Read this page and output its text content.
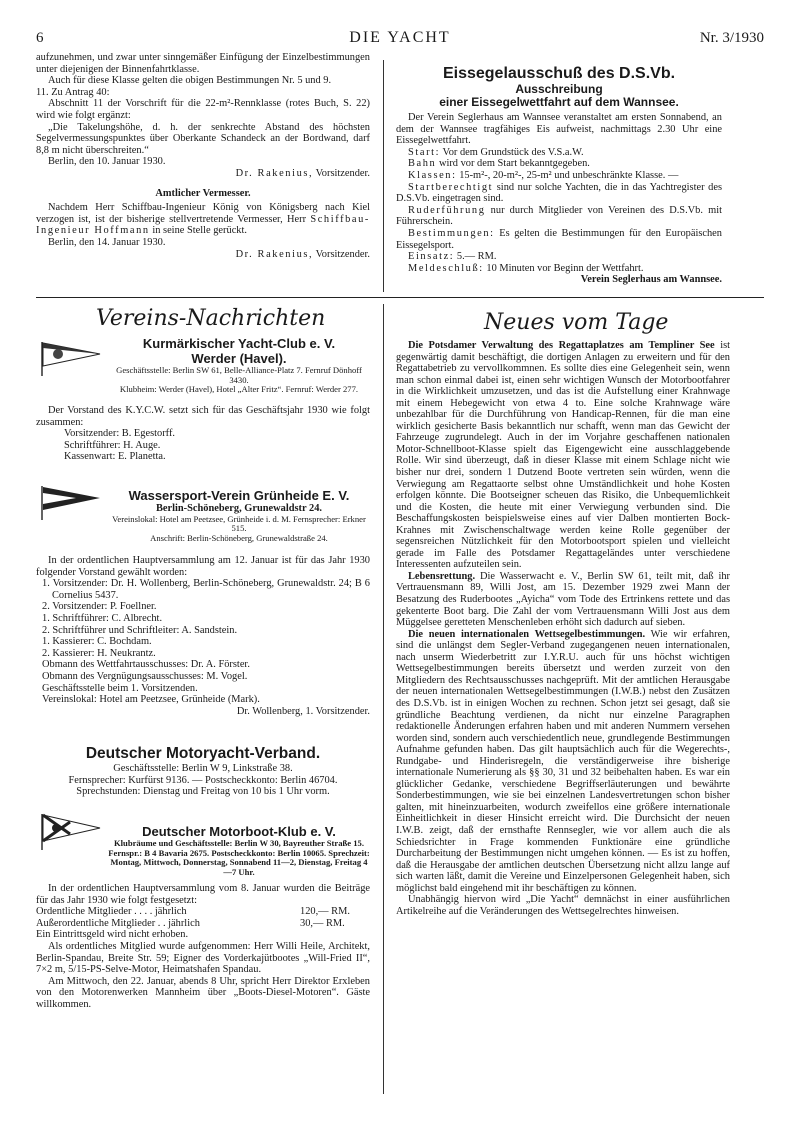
6	DIE YACHT	Nr. 3/1930

aufzunehmen, und zwar unter sinngemäßer Einfügung der Einzelbestimmungen unter diejenigen der Binnenfahrtklasse.

Auch für diese Klasse gelten die obigen Bestimmungen Nr. 5 und 9.

11. Zu Antrag 40:

Abschnitt 11 der Vorschrift für die 22-m²-Rennklasse (rotes Buch, S. 22) wird wie folgt ergänzt:

„Die Takelungshöhe, d. h. der senkrechte Abstand des höchsten Segelvermessungspunktes über Oberkante Schandeck an der Bordwand, darf 8,8 m nicht überschreiten.“

Berlin, den 10. Januar 1930.

Dr. Rakenius, Vorsitzender.

Amtlicher Vermesser.

Nachdem Herr Schiffbau-Ingenieur König von Königsberg nach Kiel verzogen ist, ist der bisherige stellvertretende Vermesser, Herr Schiffbau-Ingenieur Hoffmann in seine Stelle gerückt.

Berlin, den 14. Januar 1930.

Dr. Rakenius, Vorsitzender.

Eissegelausschuß des D.S.Vb.
Ausschreibung
einer Eissegelwettfahrt auf dem Wannsee.

Der Verein Seglerhaus am Wannsee veranstaltet am ersten Sonnabend, an dem der Wannsee tragfähiges Eis aufweist, nachmittags 2.30 Uhr eine Eissegelwettfahrt.

Start: Vor dem Grundstück des V.S.a.W.

Bahn wird vor dem Start bekanntgegeben.

Klassen: 15-m²-, 20-m²-, 25-m² und unbeschränkte Klasse. —

Startberechtigt sind nur solche Yachten, die in das Yachtregister des D.S.Vb. eingetragen sind.

Ruderführung nur durch Mitglieder von Vereinen des D.S.Vb. mit Führerschein.

Bestimmungen: Es gelten die Bestimmungen für den Europäischen Eissegelsport.

Einsatz: 5.— RM.

Meldeschluß: 10 Minuten vor Beginn der Wettfahrt.

Verein Seglerhaus am Wannsee.

Vereins-Nachrichten
Kurmärkischer Yacht-Club e. V.
Werder (Havel).
Geschäftsstelle: Berlin SW 61, Belle-Alliance-Platz 7. Fernruf Dönhoff 3430.
Klubheim: Werder (Havel), Hotel „Alter Fritz“. Fernruf: Werder 277.

Der Vorstand des K.Y.C.W. setzt sich für das Geschäftsjahr 1930 wie folgt zusammen:

Vorsitzender: B. Egestorff.

Schriftführer: H. Auge.

Kassenwart: E. Planetta.

Wassersport-Verein Grünheide E. V.
Berlin-Schöneberg, Grunewaldstr 24.
Vereinslokal: Hotel am Peetzsee, Grünheide i. d. M. Fernsprecher: Erkner 515.
Anschrift: Berlin-Schöneberg, Grunewaldstraße 24.

In der ordentlichen Hauptversammlung am 12. Januar ist für das Jahr 1930 folgender Vorstand gewählt worden:

1. Vorsitzender: Dr. H. Wollenberg, Berlin-Schöneberg, Grunewaldstr. 24; B 6 Cornelius 5437.

2. Vorsitzender: P. Foellner.

1. Schriftführer: C. Albrecht.

2. Schriftführer und Schriftleiter: A. Sandstein.

1. Kassierer: C. Bochdam.

2. Kassierer: H. Neukrantz.

Obmann des Wettfahrtausschusses: Dr. A. Förster.

Obmann des Vergnügungsausschusses: M. Vogel.

Geschäftsstelle beim 1. Vorsitzenden.

Vereinslokal: Hotel am Peetzsee, Grünheide (Mark).

Dr. Wollenberg, 1. Vorsitzender.

Deutscher Motoryacht-Verband.
Geschäftsstelle: Berlin W 9, Linkstraße 38.
Fernsprecher: Kurfürst 9136. — Postscheckkonto: Berlin 46704.
Sprechstunden: Dienstag und Freitag von 10 bis 1 Uhr vorm.
Deutscher Motorboot-Klub e. V.
Klubräume und Geschäftsstelle: Berlin W 30, Bayreuther Straße 15. Fernspr.: B 4 Bavaria 2675. Postscheckkonto: Berlin 10065. Sprechzeit: Montag, Mittwoch, Donnerstag, Sonnabend 11—2, Dienstag, Freitag 4—7 Uhr.

In der ordentlichen Hauptversammlung vom 8. Januar wurden die Beiträge für das Jahr 1930 wie folgt festgesetzt:

Ordentliche Mitglieder . . . . jährlich	120,— RM.
Außerordentliche Mitglieder . . jährlich	30,— RM.

Ein Eintrittsgeld wird nicht erhoben.

Als ordentliches Mitglied wurde aufgenommen: Herr Willi Heile, Architekt, Berlin-Spandau, Breite Str. 59; Eigner des Vorderkajütbootes „Will-Fried II“, 7×2 m, 5/15-PS-Selve-Motor, Heimatshafen Spandau.

Am Mittwoch, den 22. Januar, abends 8 Uhr, spricht Herr Direktor Erxleben von den Motorenwerken Mannheim über „Boots-Diesel-Motoren“. Gäste willkommen.

Neues vom Tage

Die Potsdamer Verwaltung des Regattaplatzes am Templiner See ist gegenwärtig damit beschäftigt, die dortigen Anlagen zu erweitern und für den Regattabetrieb zu vervollkommnen. Es sollte dies eine Gelegenheit sein, wenn man schon einmal dabei ist, einen sehr wichtigen Wunsch der Motorbootfahrer in die Wirklichkeit umzusetzen, und das ist die Aufstellung einer Krahnwage mit einem Hebegewicht von etwa 4 to. Eine solche Krahnwage wäre unbezahlbar für die Durchführung von Handicap-Rennen, für die man eine wirklich gesicherte Basis bekanntlich nur schafft, wenn man das Gewicht der Fahrzeuge zugrundelegt. Auch in der im Vorjahre geschaffenen nationalen Motor-Schnellboot-Klasse spielt das Eigengewicht eine ausschlaggebende Rolle. Wir sind überzeugt, daß in dieser Klasse mit einem Schlage nicht wie bisher nur drei, sondern 1 Dutzend Boote vertreten sein würden, wenn die Verwiegung am Regattaorte selbst ohne Umständlichkeit und hohe Kosten erfolgen könnte. Die Bootseigner scheuen das Risiko, die Unbequemlichkeit und die Kosten, die heute mit einer Verwiegung verbunden sind. Die Beschaffungskosten beispielsweise eines auf vier Dalben montierten Bock-Krahnes mit Zwischenschaltwage werden keine Rolle gegenüber der segensreichen Nützlichkeit für den Motorbootsport spielen und vielleicht gerade im Falle des Potsdamer Regattageländes unter verschiedene Interessenten aufzuteilen sein.

Lebensrettung. Die Wasserwacht e. V., Berlin SW 61, teilt mit, daß ihr Vertrauensmann 89, Willi Jost, am 15. Dezember 1929 zwei Mann der Besatzung des Ruderbootes „Ayicha“ vom Tode des Ertrinkens rettete und das gekenterte Boot barg. Die Zahl der vom Vertrauensmann Willi Jost aus dem Müggelsee geretteten Menschenleben erhöht sich dadurch auf sieben.

Die neuen internationalen Wettsegelbestimmungen. Wie wir erfahren, sind die unlängst dem Segler-Verband zugegangenen neuen internationalen, nach unserm Wiederbetritt zur I.Y.R.U. auch für uns höchst wichtigen Wettsegelbestimmungen bereits übersetzt und werden zurzeit von den Mitgliedern des Rechtsausschusses nachgeprüft. Mit der amtlichen Herausgabe der neuen internationalen Wettsegelbestimmungen (I.W.B.) nebst den Zusätzen des D.S.Vb. ist in einigen Wochen zu rechnen. Schon jetzt sei gesagt, daß sie gründliche Beachtung verdienen, da nicht nur einzelne Paragraphen redaktionelle Änderungen erfahren haben und mit anderen Nummern versehen worden sind, sondern auch verschiedentlich neue, grundlegende Bestimmungen Aufnahme gefunden haben. Das gilt hauptsächlich auch für die Wegerechts-, Rundgabe- und Hinderisregeln, die verständigerweise ihre bisherige internationale Numerierung als §§ 30, 31 und 32 beibehalten haben. Es war ein glücklicher Gedanke, verschiedene Begriffserläuterungen und bewährte Sonderbestimmungen, wie sie bei einzelnen Landesvertretungen schon bisher galten, mit hineinzuarbeiten, wodurch zweifellos eine größere internationale Einheitlichkeit in dieser Hinsicht erreicht wird. Die Durchsicht der neuen I.W.B. zeigt, daß der ernsthafte Rennsegler, wie vor allem auch die als Schiedsrichter in Frage kommenden Funktionäre eine gründliche Durcharbeitung der Bestimmungen nicht umgehen können. — Es ist zu hoffen, daß die Herausgabe der amtlichen deutschen Übersetzung nicht allzu lange auf sich warten läßt, damit die Vereine und Einzelpersonen Gelegenheit haben, sich möglichst bald eingehend mit ihr beschäftigen zu können.

Unabhängig hiervon wird „Die Yacht“ demnächst in einer ausführlichen Artikelreihe auf die Veränderungen des Wettsegelrechtes hinweisen.
